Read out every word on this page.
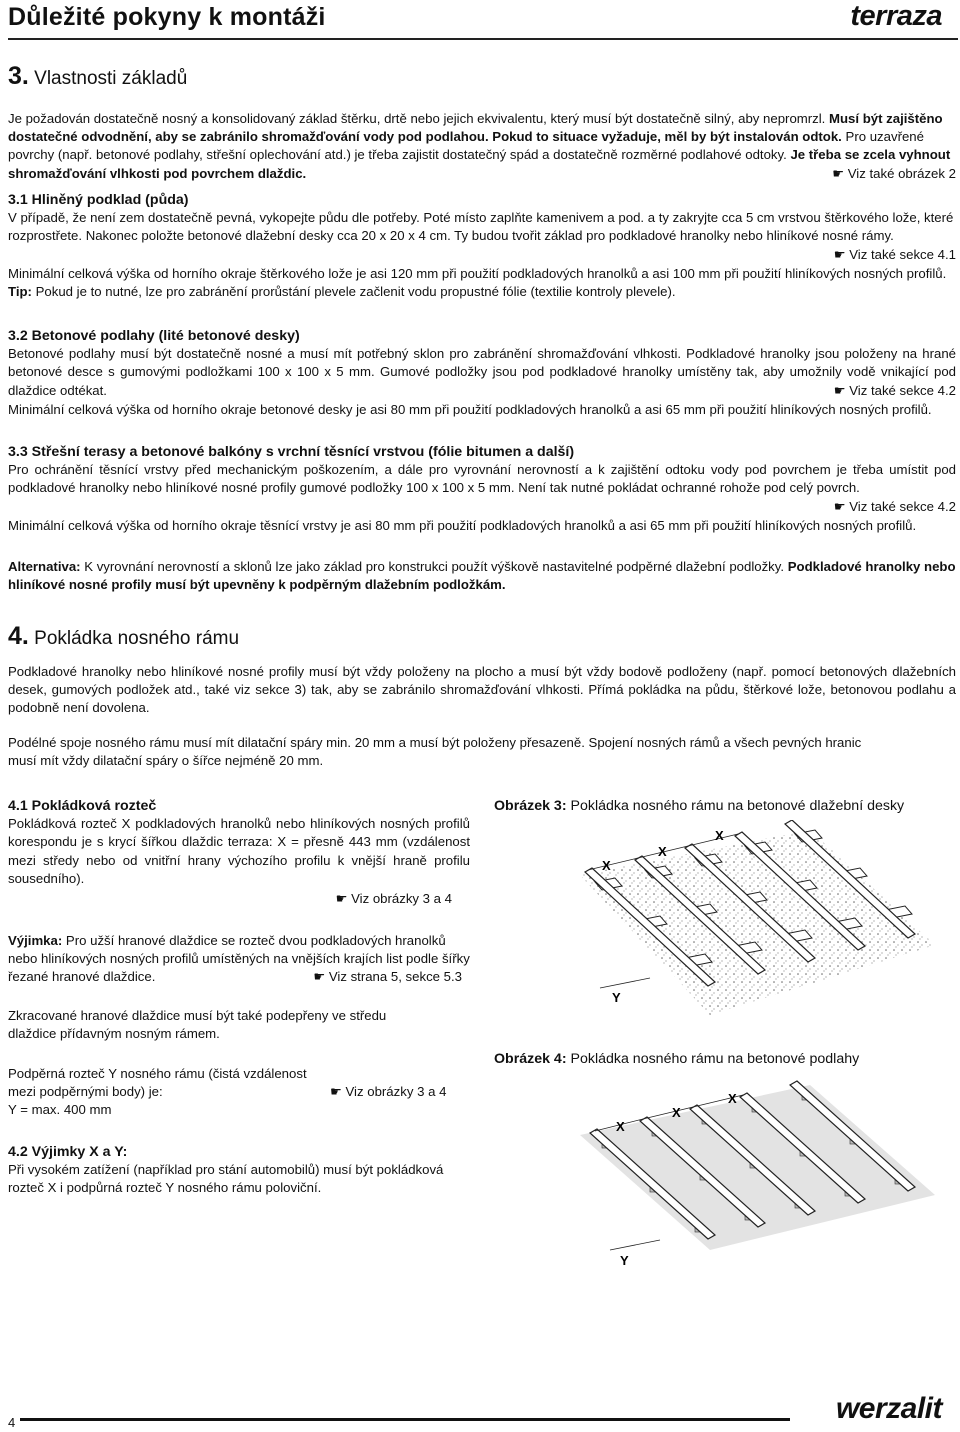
Důležité pokyny k montáži	terraza
3. Vlastnosti základů
Je požadován dostatečně nosný a konsolidovaný základ štěrku, drtě nebo jejich ekvivalentu, který musí být dostatečně silný, aby nepromrzl. Musí být zajištěno dostatečné odvodnění, aby se zabránilo shromažďování vody pod podlahou. Pokud to situace vyžaduje, měl by být instalován odtok. Pro uzavřené povrchy (např. betonové podlahy, střešní oplechování atd.) je třeba zajistit dostatečný spád a dostatečně rozměrné podlahové odtoky. Je třeba se zcela vyhnout shromažďování vlhkosti pod povrchem dlaždic.	☛ Viz také obrázek 2

3.1 Hliněný podklad (půda)

V případě, že není zem dostatečně pevná, vykopejte půdu dle potřeby. Poté místo zaplňte kamenivem a pod. a ty zakryjte cca 5 cm vrstvou štěrkového lože, které rozprostřete. Nakonec položte betonové dlažební desky cca 20 x 20 x 4 cm. Ty budou tvořit základ pro podkladové hranolky nebo hliníkové nosné rámy.
☛ Viz také sekce 4.1

Minimální celková výška od horního okraje štěrkového lože je asi 120 mm při použití podkladových hranolků a asi 100 mm při použití hliníkových nosných profilů.

Tip: Pokud je to nutné, lze pro zabránění prorůstání plevele začlenit vodu propustné fólie (textilie kontroly plevele).

3.2 Betonové podlahy (lité betonové desky)

Betonové podlahy musí být dostatečně nosné a musí mít potřebný sklon pro zabránění shromažďování vlhkosti. Podkladové hranolky jsou položeny na hrané betonové desce s gumovými podložkami 100 x 100 x 5 mm. Gumové podložky jsou pod podkladové hranolky umístěny tak, aby umožnily vodě vnikající pod dlaždice odtékat.	☛ Viz také sekce 4.2

Minimální celková výška od horního okraje betonové desky je asi 80 mm při použití podkladových hranolků a asi 65 mm při použití hliníkových nosných profilů.

3.3 Střešní terasy a betonové balkóny s vrchní těsnící vrstvou (fólie bitumen a další)

Pro ochránění těsnící vrstvy před mechanickým poškozením, a dále pro vyrovnání nerovností a k zajištění odtoku vody pod povrchem je třeba umístit pod podkladové hranolky nebo hliníkové nosné profily gumové podložky 100 x 100 x 5 mm. Není tak nutné pokládat ochranné rohože pod celý povrch.
☛ Viz také sekce 4.2

Minimální celková výška od horního okraje těsnící vrstvy je asi 80 mm při použití podkladových hranolků a asi 65 mm při použití hliníkových nosných profilů.

Alternativa: K vyrovnání nerovností a sklonů lze jako základ pro konstrukci použít výškově nastavitelné podpěrné dlažební podložky. Podkladové hranolky nebo hliníkové nosné profily musí být upevněny k podpěrným dlažebním podložkám.
4. Pokládka nosného rámu

Podkladové hranolky nebo hliníkové nosné profily musí být vždy položeny na plocho a musí být vždy bodově podloženy (např. pomocí betonových dlažebních desek, gumových podložek atd., také viz sekce 3) tak, aby se zabránilo shromažďování vlhkosti. Přímá pokládka na půdu, štěrkové lože, betonovou podlahu a podobně není dovolena.

Podélné spoje nosného rámu musí mít dilatační spáry min. 20 mm a musí být položeny přesazeně. Spojení nosných rámů a všech pevných hranic musí mít vždy dilatační spáry o šířce nejméně 20 mm.

4.1 Pokládková rozteč

Pokládková rozteč X podkladových hranolků nebo hliníkových nosných profilů korespondu je s krycí šířkou dlaždic terraza: X = přesně 443 mm (vzdálenost mezi středy nebo od vnitřní hrany výchozího profilu k vnější hraně profilu sousedního).

☛ Viz obrázky 3 a 4

Výjimka: Pro užší hranové dlaždice se rozteč dvou podkladových hranolků nebo hliníkových nosných profilů umístěných na vnějších krajích list podle šířky řezané hranové dlaždice.	☛ Viz strana 5, sekce 5.3

Zkracované hranové dlaždice musí být také podepřeny ve středu dlaždice přídavným nosným rámem.

Podpěrná rozteč Y nosného rámu (čistá vzdálenost mezi podpěrnými body) je:	☛ Viz obrázky 3 a 4

Y = max. 400 mm

4.2 Výjimky X a Y:

Při vysokém zatížení (například pro stání automobilů) musí být pokládková rozteč X i podpůrná rozteč Y nosného rámu poloviční.

Obrázek 3: Pokládka nosného rámu na betonové dlažební desky
X
X
X
Y
Obrázek 4: Pokládka nosného rámu na betonové podlahy
X
X
X
Y
4	werzalit
